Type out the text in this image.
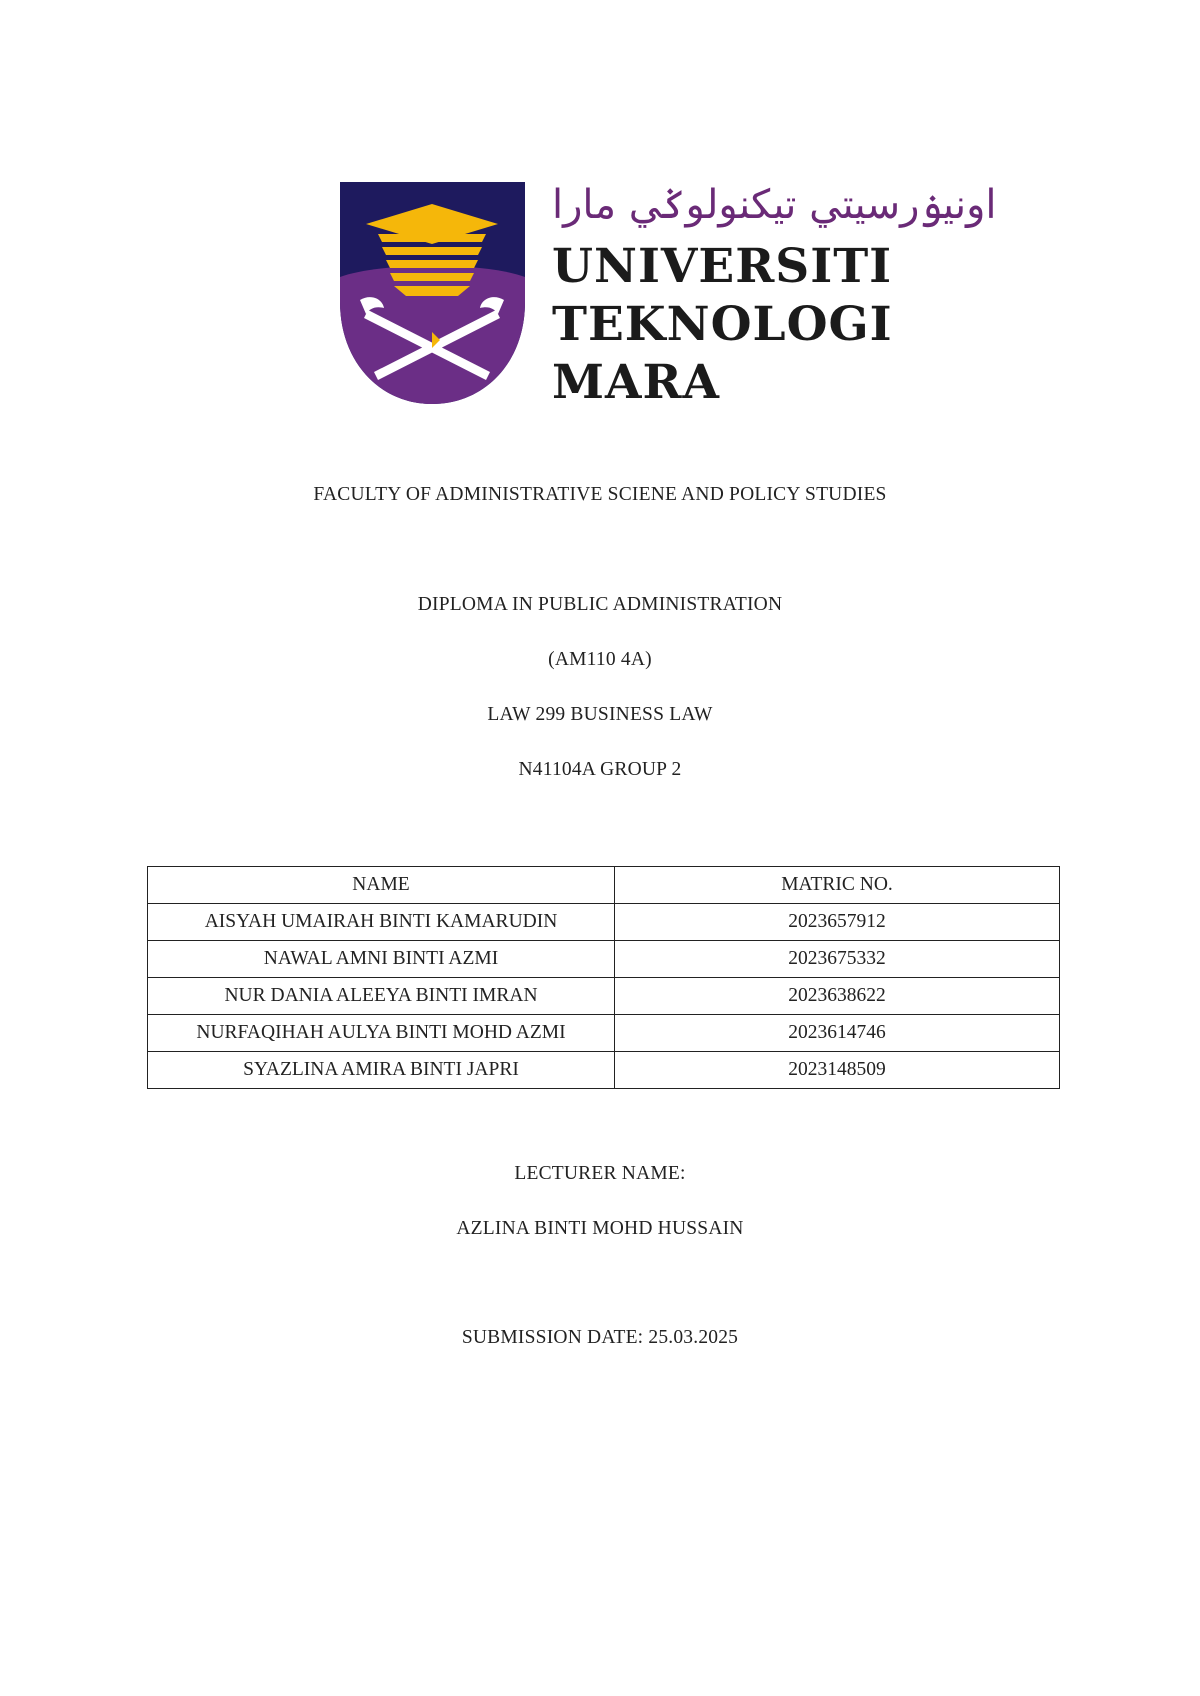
اونيۏرسيتي تيكنولوݢي مارا
UNIVERSITI
TEKNOLOGI
MARA
FACULTY OF ADMINISTRATIVE SCIENE AND POLICY STUDIES
DIPLOMA IN PUBLIC ADMINISTRATION
(AM110 4A)
LAW 299 BUSINESS LAW
N41104A GROUP 2
NAME	MATRIC NO.
AISYAH UMAIRAH BINTI KAMARUDIN	2023657912
NAWAL AMNI BINTI AZMI	2023675332
NUR DANIA ALEEYA BINTI IMRAN	2023638622
NURFAQIHAH AULYA BINTI MOHD AZMI	2023614746
SYAZLINA AMIRA BINTI JAPRI	2023148509
LECTURER NAME:
AZLINA BINTI MOHD HUSSAIN
SUBMISSION DATE: 25.03.2025
